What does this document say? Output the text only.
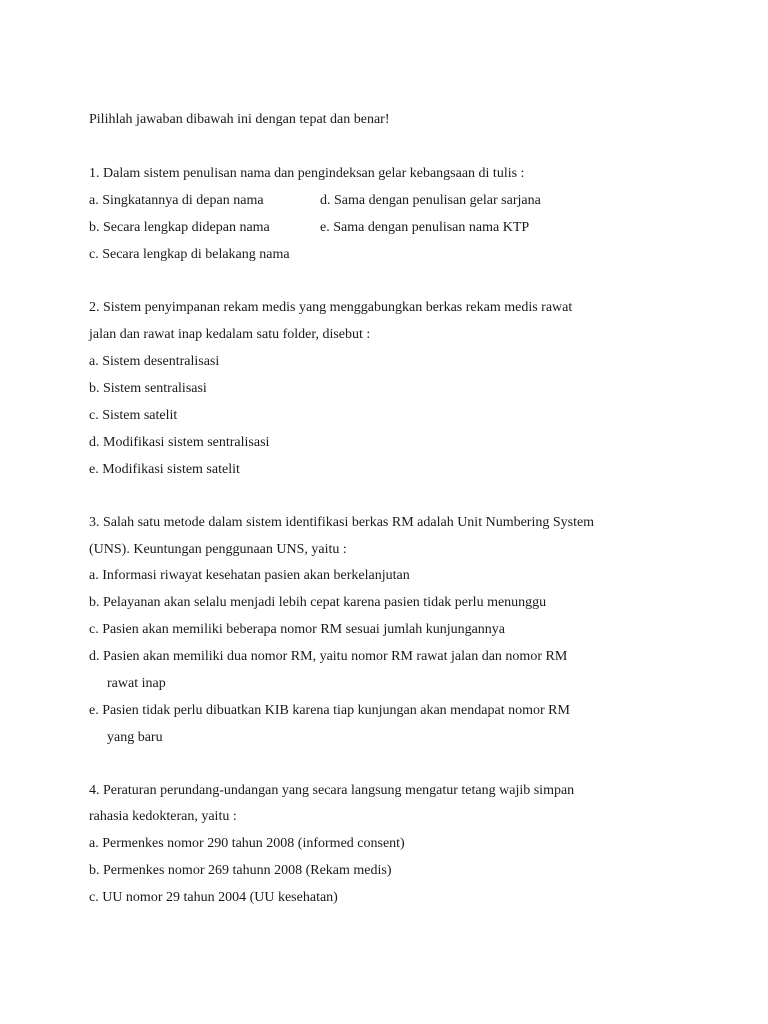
Pilihlah jawaban dibawah ini dengan tepat dan benar!
1. Dalam sistem penulisan nama dan pengindeksan gelar kebangsaan di tulis :
a. Singkatannya di depan nama	d. Sama dengan penulisan gelar sarjana
b. Secara lengkap didepan nama	e. Sama dengan penulisan nama KTP
c. Secara lengkap di belakang nama
2. Sistem penyimpanan rekam medis yang menggabungkan berkas rekam medis rawat
jalan dan rawat inap kedalam satu folder, disebut :
a. Sistem desentralisasi
b. Sistem sentralisasi
c. Sistem satelit
d. Modifikasi sistem sentralisasi
e. Modifikasi sistem satelit
3. Salah satu metode dalam sistem identifikasi berkas RM adalah Unit Numbering System
(UNS). Keuntungan penggunaan UNS, yaitu :
a. Informasi riwayat kesehatan pasien akan berkelanjutan
b. Pelayanan akan selalu menjadi lebih cepat karena pasien tidak perlu menunggu
c. Pasien akan memiliki beberapa nomor RM sesuai jumlah kunjungannya
d. Pasien akan memiliki dua nomor RM, yaitu nomor RM rawat jalan dan nomor RM
rawat inap
e. Pasien tidak perlu dibuatkan KIB karena tiap kunjungan akan mendapat nomor RM
yang baru
4. Peraturan perundang-undangan yang secara langsung mengatur tetang wajib simpan
rahasia kedokteran, yaitu :
a. Permenkes nomor 290 tahun 2008 (informed consent)
b. Permenkes nomor 269 tahunn 2008 (Rekam medis)
c. UU nomor 29 tahun 2004 (UU kesehatan)
